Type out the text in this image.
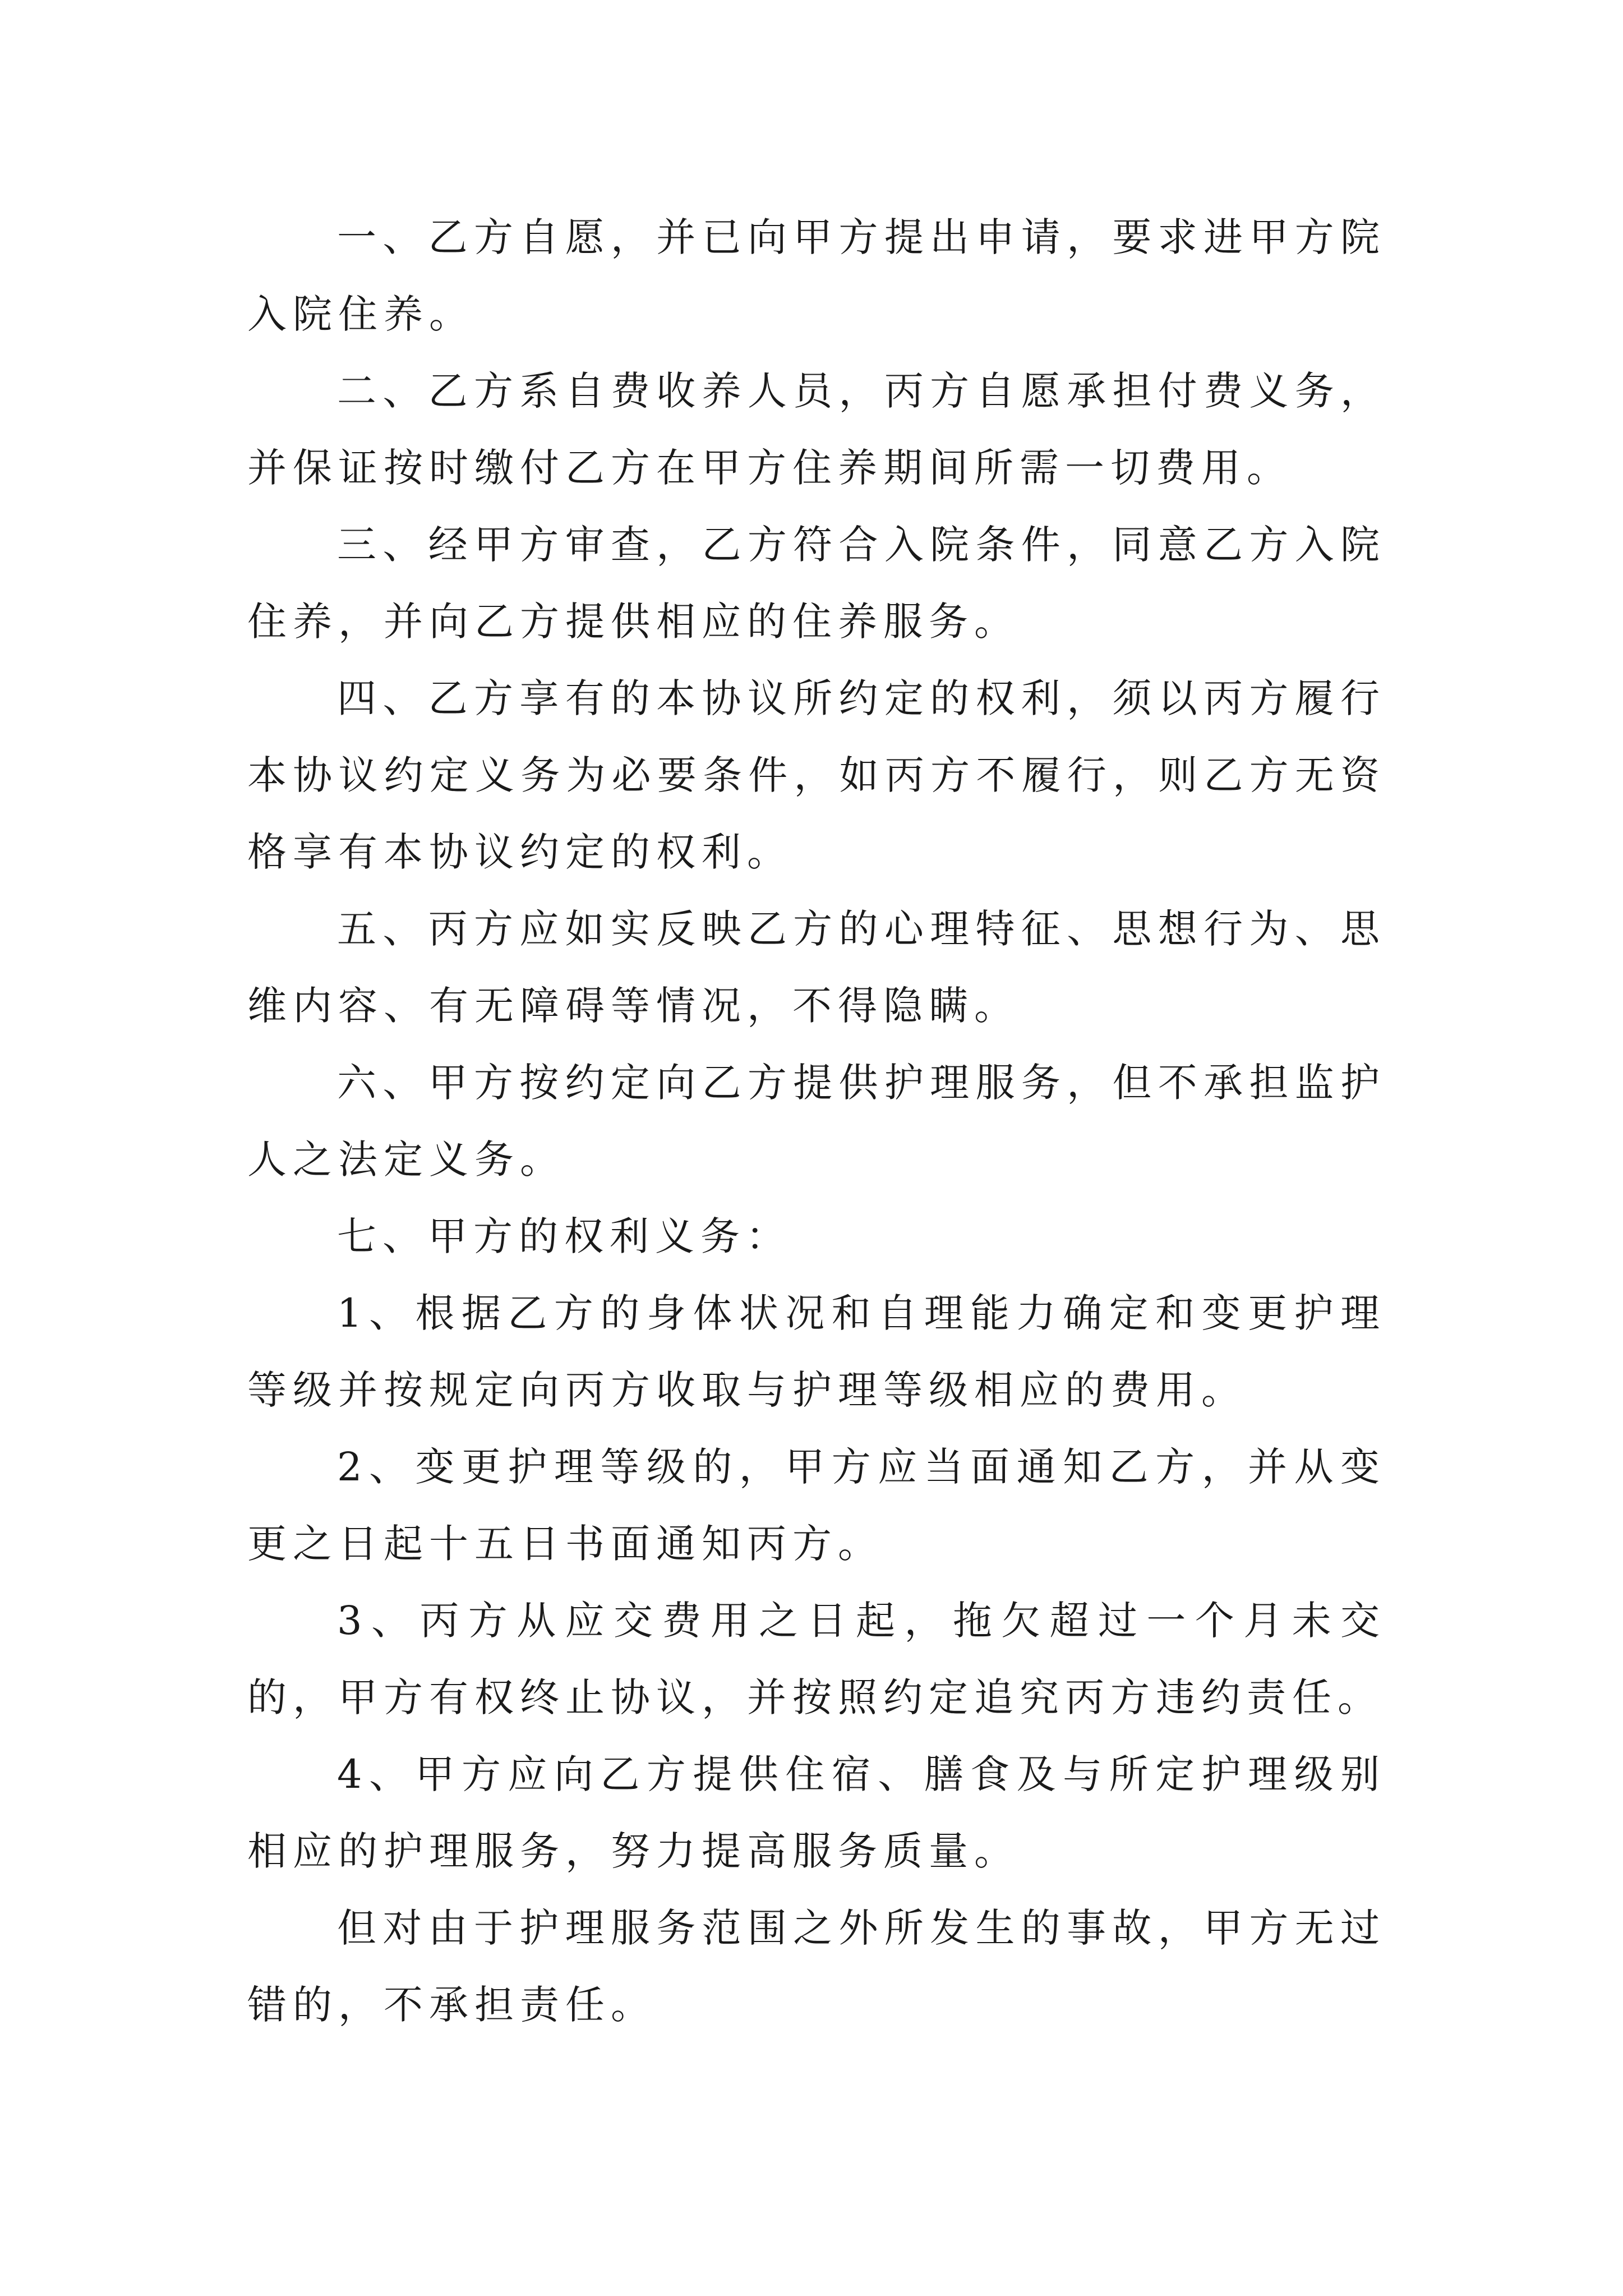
一、乙方自愿，并已向甲方提出申请，要求进甲方院入院住养。

二、乙方系自费收养人员，丙方自愿承担付费义务，并保证按时缴付乙方在甲方住养期间所需一切费用。

三、经甲方审查，乙方符合入院条件，同意乙方入院住养，并向乙方提供相应的住养服务。

四、乙方享有的本协议所约定的权利，须以丙方履行本协议约定义务为必要条件，如丙方不履行，则乙方无资格享有本协议约定的权利。

五、丙方应如实反映乙方的心理特征、思想行为、思维内容、有无障碍等情况，不得隐瞒。

六、甲方按约定向乙方提供护理服务，但不承担监护人之法定义务。

七、甲方的权利义务：

1、根据乙方的身体状况和自理能力确定和变更护理等级并按规定向丙方收取与护理等级相应的费用。

2、变更护理等级的，甲方应当面通知乙方，并从变更之日起十五日书面通知丙方。

3、丙方从应交费用之日起，拖欠超过一个月未交的，甲方有权终止协议，并按照约定追究丙方违约责任。

4、甲方应向乙方提供住宿、膳食及与所定护理级别相应的护理服务，努力提高服务质量。

但对由于护理服务范围之外所发生的事故，甲方无过错的，不承担责任。
